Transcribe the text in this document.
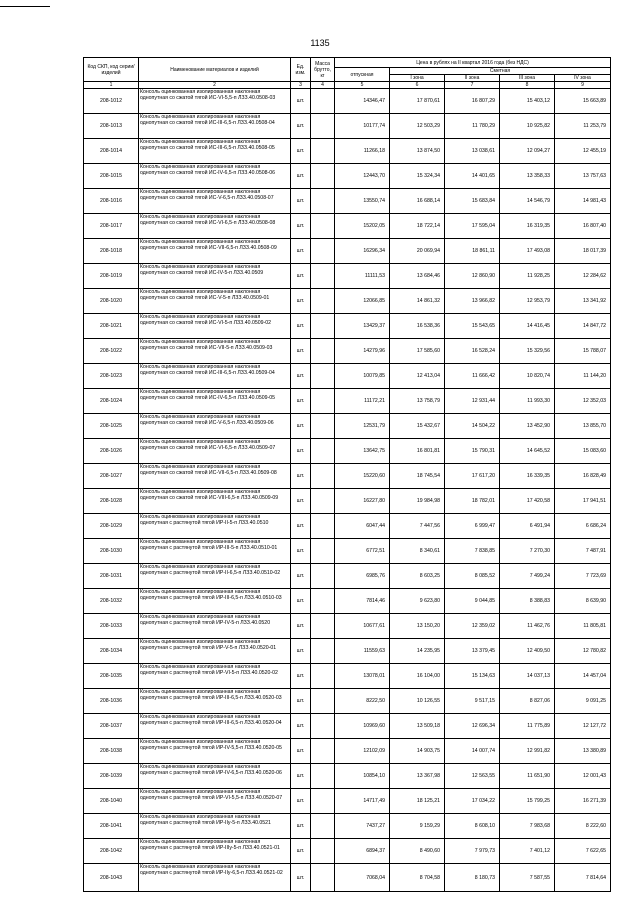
1135
Код СКП, код серии/изделий	Наименование материалов и изделий	Ед. изм.	Масса брутто, кг	Цена в рублях на II квартал 2016 года (без НДС)				
				отпускная	Сметная			
					I зона	II зона	III зона	IV зона
1	2	3	4	5	6	7	8	9
208-1012	Консоль оцинкованная изолированная наклонная однопутная со сжатой тягой ИС-VI-5,5-п ЛЗЗ.40.0508-03	шт.		14346,47	17 870,61	16 807,29	15 403,12	15 663,89
208-1013	Консоль оцинкованная изолированная наклонная однопутная со сжатой тягой ИС-III-6,5-п ЛЗЗ.40.0508-04	шт.		10177,74	12 503,29	11 780,29	10 925,82	11 253,79
208-1014	Консоль оцинкованная изолированная наклонная однопутная со сжатой тягой ИС-III-6,5-п ЛЗЗ.40.0508-05	шт.		11266,18	13 874,50	13 038,61	12 094,27	12 455,19
208-1015	Консоль оцинкованная изолированная наклонная однопутная со сжатой тягой ИС-IV-6,5-п ЛЗЗ.40.0508-06	шт.		12443,70	15 324,34	14 401,65	13 358,33	13 757,63
208-1016	Консоль оцинкованная изолированная наклонная однопутная со сжатой тягой ИС-V-6,5-п ЛЗЗ.40.0508-07	шт.		13550,74	16 688,14	15 683,84	14 546,79	14 981,43
208-1017	Консоль оцинкованная изолированная наклонная однопутная со сжатой тягой ИС-VI-6,5-п ЛЗЗ.40.0508-08	шт.		15202,05	18 722,14	17 595,04	16 319,35	16 807,40
208-1018	Консоль оцинкованная изолированная наклонная однопутная со сжатой тягой ИС-VII-6,5-п ЛЗЗ.40.0508-09	шт.		16296,34	20 069,94	18 861,11	17 493,08	18 017,39
208-1019	Консоль оцинкованная изолированная наклонная однопутная со сжатой тягой ИС-IV-5-п ЛЗЗ.40.0509	шт.		11111,53	13 684,46	12 860,90	11 928,25	12 284,62
208-1020	Консоль оцинкованная изолированная наклонная однопутная со сжатой тягой ИС-V-5-п ЛЗЗ.40.0509-01	шт.		12066,85	14 861,32	13 966,82	12 953,79	13 341,92
208-1021	Консоль оцинкованная изолированная наклонная однопутная со сжатой тягой ИС-VI-5-п ЛЗЗ.40.0509-02	шт.		13429,37	16 538,36	15 543,65	14 416,45	14 847,72
208-1022	Консоль оцинкованная изолированная наклонная однопутная со сжатой тягой ИС-VII-5-п ЛЗЗ.40.0509-03	шт.		14279,96	17 585,60	16 528,24	15 329,56	15 788,07
208-1023	Консоль оцинкованная изолированная наклонная однопутная со сжатой тягой ИС-III-6,5-п ЛЗЗ.40.0509-04	шт.		10079,85	12 413,04	11 666,42	10 820,74	11 144,20
208-1024	Консоль оцинкованная изолированная наклонная однопутная со сжатой тягой ИС-IV-6,5-п ЛЗЗ.40.0509-05	шт.		11172,21	13 758,79	12 931,44	11 993,30	12 352,03
208-1025	Консоль оцинкованная изолированная наклонная однопутная со сжатой тягой ИС-V-6,5-п ЛЗЗ.40.0509-06	шт.		12531,79	15 432,67	14 504,22	13 452,90	13 855,70
208-1026	Консоль оцинкованная изолированная наклонная однопутная со сжатой тягой ИС-VI-6,5-п ЛЗЗ.40.0509-07	шт.		13642,75	16 801,81	15 790,31	14 645,52	15 083,60
208-1027	Консоль оцинкованная изолированная наклонная однопутная со сжатой тягой ИС-VII-6,5-п ЛЗЗ.40.0509-08	шт.		15220,60	18 745,54	17 617,20	16 339,35	16 828,49
208-1028	Консоль оцинкованная изолированная наклонная однопутная со сжатой тягой ИС-VIII-6,5-п ЛЗЗ.40.0509-09	шт.		16227,80	19 984,98	18 782,01	17 420,58	17 941,51
208-1029	Консоль оцинкованная изолированная наклонная однопутная с растянутой тягой ИР-II-5-п ЛЗЗ.40.0510	шт.		6047,44	7 447,56	6 999,47	6 491,94	6 686,24
208-1030	Консоль оцинкованная изолированная наклонная однопутная с растянутой тягой ИР-III-5-п ЛЗЗ.40.0510-01	шт.		6772,51	8 340,61	7 838,85	7 270,30	7 487,91
208-1031	Консоль оцинкованная изолированная наклонная однопутная с растянутой тягой ИР-II-6,5-п ЛЗЗ.40.0510-02	шт.		6985,76	8 603,25	8 085,52	7 499,24	7 723,69
208-1032	Консоль оцинкованная изолированная наклонная однопутная с растянутой тягой ИР-III-6,5-п ЛЗЗ.40.0510-03	шт.		7814,46	9 623,80	9 044,85	8 388,83	8 639,90
208-1033	Консоль оцинкованная изолированная наклонная однопутная с растянутой тягой ИР-IV-5-п ЛЗЗ.40.0520	шт.		10677,61	13 150,20	12 359,02	11 462,76	11 805,81
208-1034	Консоль оцинкованная изолированная наклонная однопутная с растянутой тягой ИР-V-5-п ЛЗЗ.40.0520-01	шт.		11559,63	14 235,95	13 379,45	12 409,50	12 780,82
208-1035	Консоль оцинкованная изолированная наклонная однопутная с растянутой тягой ИР-VI-5-п ЛЗЗ.40.0520-02	шт.		13078,01	16 104,00	15 134,63	14 037,13	14 457,04
208-1036	Консоль оцинкованная изолированная наклонная однопутная с растянутой тягой ИР-III-6,5-п ЛЗЗ.40.0520-03	шт.		8222,50	10 126,55	9 517,15	8 827,06	9 091,25
208-1037	Консоль оцинкованная изолированная наклонная однопутная с растянутой тягой ИР-III-6,5-п ЛЗЗ.40.0520-04	шт.		10969,60	13 509,18	12 696,34	11 775,89	12 127,72
208-1038	Консоль оцинкованная изолированная наклонная однопутная с растянутой тягой ИР-IV-5,5-п ЛЗЗ.40.0520-05	шт.		12102,09	14 903,75	14 007,74	12 991,82	13 380,89
208-1039	Консоль оцинкованная изолированная наклонная однопутная с растянутой тягой ИР-IV-6,5-п ЛЗЗ.40.0520-06	шт.		10854,10	13 367,98	12 563,55	11 651,90	12 001,43
208-1040	Консоль оцинкованная изолированная наклонная однопутная с растянутой тягой ИР-VI-5,5-п ЛЗЗ.40.0520-07	шт.		14717,49	18 125,21	17 034,22	15 799,25	16 271,39
208-1041	Консоль оцинкованная изолированная наклонная однопутная с растянутой тягой ИР-IIу-5-п ЛЗЗ.40.0521	шт.		7437,27	9 159,29	8 608,10	7 983,68	8 222,60
208-1042	Консоль оцинкованная изолированная наклонная однопутная с растянутой тягой ИР-IIIу-5-п ЛЗЗ.40.0521-01	шт.		6894,37	8 490,60	7 979,73	7 401,12	7 622,65
208-1043	Консоль оцинкованная изолированная наклонная однопутная с растянутой тягой ИР-IIу-6,5-п ЛЗЗ.40.0521-02	шт.		7068,04	8 704,58	8 180,73	7 587,55	7 814,64
